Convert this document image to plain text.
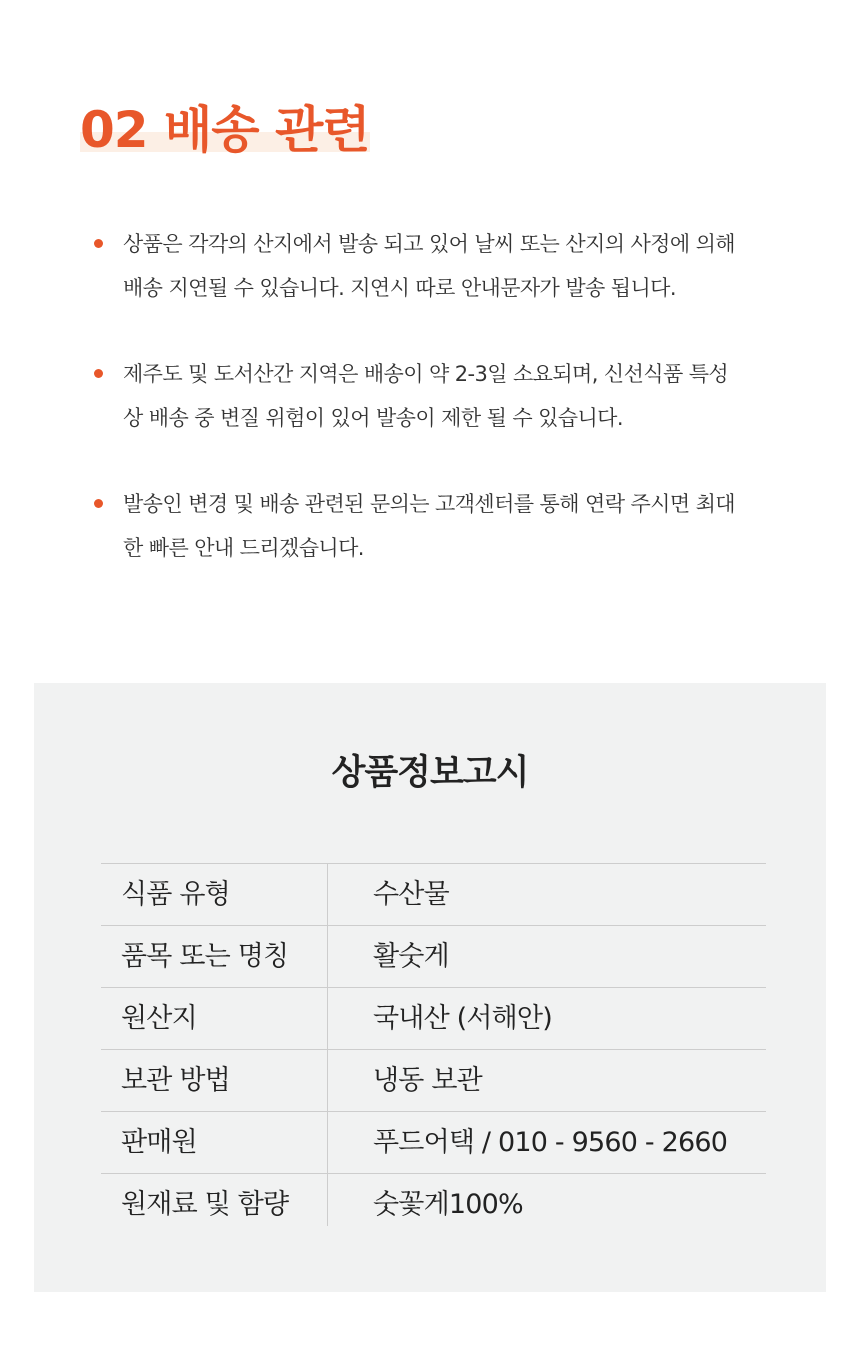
02 배송 관련
상품은 각각의 산지에서 발송 되고 있어 날씨 또는 산지의 사정에 의해
배송 지연될 수 있습니다. 지연시 따로 안내문자가 발송 됩니다.
제주도 및 도서산간 지역은 배송이 약 2-3일 소요되며, 신선식품 특성
상 배송 중 변질 위험이 있어 발송이 제한 될 수 있습니다.
발송인 변경 및 배송 관련된 문의는 고객센터를 통해 연락 주시면 최대
한 빠른 안내 드리겠습니다.
상품정보고시
식품 유형	수산물
품목 또는 명칭	활숫게
원산지	국내산 (서해안)
보관 방법	냉동 보관
판매원	푸드어택 / 010 - 9560 - 2660
원재료 및 함량	숫꽃게100%
